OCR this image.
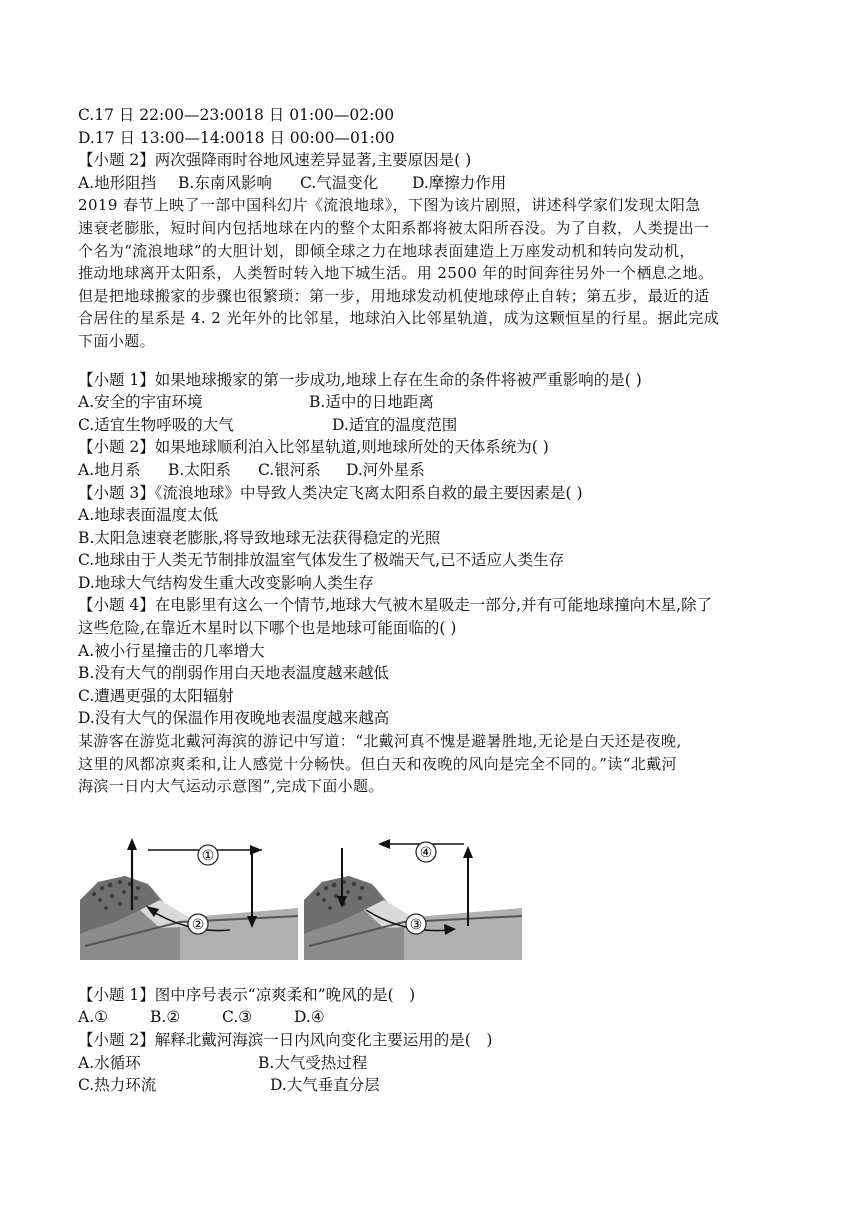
C.17 日 22:00—23:0018 日 01:00—02:00
D.17 日 13:00—14:0018 日 00:00—01:00
【小题 2】两次强降雨时谷地风速差异显著,主要原因是( )
A.地形阻挡 B.东南风影响 C.气温变化 D.摩擦力作用
2019 春节上映了一部中国科幻片《流浪地球》，下图为该片剧照，讲述科学家们发现太阳急
速衰老膨胀，短时间内包括地球在内的整个太阳系都将被太阳所吞没。为了自救，人类提出一
个名为“流浪地球”的大胆计划，即倾全球之力在地球表面建造上万座发动机和转向发动机，
推动地球离开太阳系，人类暂时转入地下城生活。用 2500 年的时间奔往另外一个栖息之地。
但是把地球搬家的步骤也很繁琐：第一步，用地球发动机使地球停止自转；第五步，最近的适
合居住的星系是 4. 2 光年外的比邻星，地球泊入比邻星轨道，成为这颗恒星的行星。据此完成
下面小题。
【小题 1】如果地球搬家的第一步成功,地球上存在生命的条件将被严重影响的是( )
A.安全的宇宙环境	B.适中的日地距离
C.适宜生物呼吸的大气	D.适宜的温度范围
【小题 2】如果地球顺利泊入比邻星轨道,则地球所处的天体系统为( )
A.地月系 B.太阳系 C.银河系 D.河外星系
【小题 3】《流浪地球》中导致人类决定飞离太阳系自救的最主要因素是( )
A.地球表面温度太低
B.太阳急速衰老膨胀,将导致地球无法获得稳定的光照
C.地球由于人类无节制排放温室气体发生了极端天气,已不适应人类生存
D.地球大气结构发生重大改变影响人类生存
【小题 4】在电影里有这么一个情节,地球大气被木星吸走一部分,并有可能地球撞向木星,除了
这些危险,在靠近木星时以下哪个也是地球可能面临的( )
A.被小行星撞击的几率增大
B.没有大气的削弱作用白天地表温度越来越低
C.遭遇更强的太阳辐射
D.没有大气的保温作用夜晚地表温度越来越高
某游客在游览北戴河海滨的游记中写道：“北戴河真不愧是避暑胜地,无论是白天还是夜晚,
这里的风都凉爽柔和,让人感觉十分畅快。但白天和夜晚的风向是完全不同的。”读“北戴河
海滨一日内大气运动示意图”,完成下面小题。
①
②
④
③
【小题 1】图中序号表示“凉爽柔和”晚风的是(　)
A.①	B.②	C.③	D.④
【小题 2】解释北戴河海滨一日内风向变化主要运用的是(　)
A.水循环	B.大气受热过程
C.热力环流	D.大气垂直分层
